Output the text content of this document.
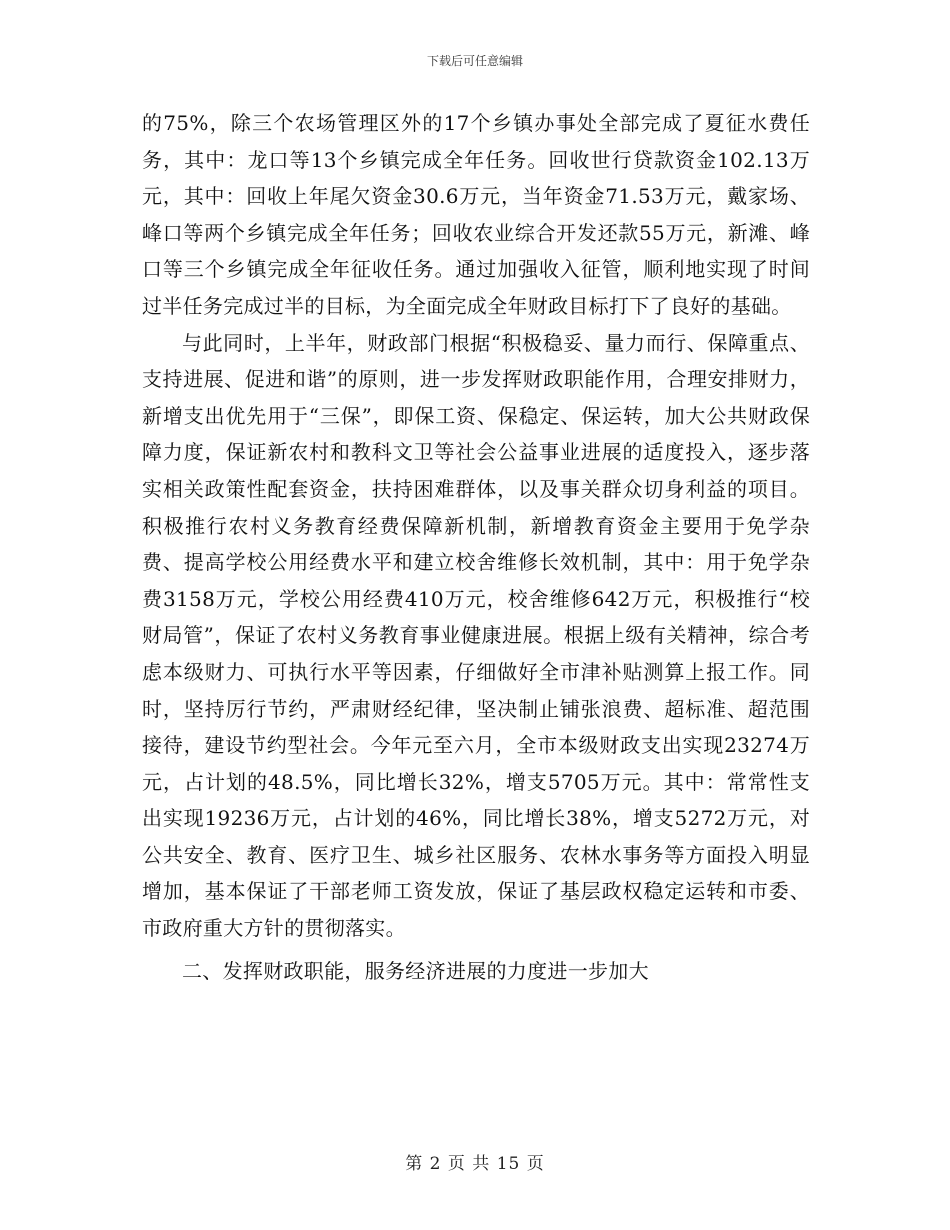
下载后可任意编辑

的75%，除三个农场管理区外的17个乡镇办事处全部完成了夏征水费任务，其中：龙口等13个乡镇完成全年任务。回收世行贷款资金102.13万元，其中：回收上年尾欠资金30.6万元，当年资金71.53万元，戴家场、峰口等两个乡镇完成全年任务；回收农业综合开发还款55万元，新滩、峰口等三个乡镇完成全年征收任务。通过加强收入征管，顺利地实现了时间过半任务完成过半的目标，为全面完成全年财政目标打下了良好的基础。

与此同时，上半年，财政部门根据“积极稳妥、量力而行、保障重点、支持进展、促进和谐”的原则，进一步发挥财政职能作用，合理安排财力，新增支出优先用于“三保”，即保工资、保稳定、保运转，加大公共财政保障力度，保证新农村和教科文卫等社会公益事业进展的适度投入，逐步落实相关政策性配套资金，扶持困难群体，以及事关群众切身利益的项目。积极推行农村义务教育经费保障新机制，新增教育资金主要用于免学杂费、提高学校公用经费水平和建立校舍维修长效机制，其中：用于免学杂费3158万元，学校公用经费410万元，校舍维修642万元，积极推行“校财局管”，保证了农村义务教育事业健康进展。根据上级有关精神，综合考虑本级财力、可执行水平等因素，仔细做好全市津补贴测算上报工作。同时，坚持厉行节约，严肃财经纪律，坚决制止铺张浪费、超标准、超范围接待，建设节约型社会。今年元至六月，全市本级财政支出实现23274万元，占计划的48.5%，同比增长32%，增支5705万元。其中：常常性支出实现19236万元，占计划的46%，同比增长38%，增支5272万元，对公共安全、教育、医疗卫生、城乡社区服务、农林水事务等方面投入明显增加，基本保证了干部老师工资发放，保证了基层政权稳定运转和市委、市政府重大方针的贯彻落实。

二、发挥财政职能，服务经济进展的力度进一步加大

第 2 页 共 15 页
